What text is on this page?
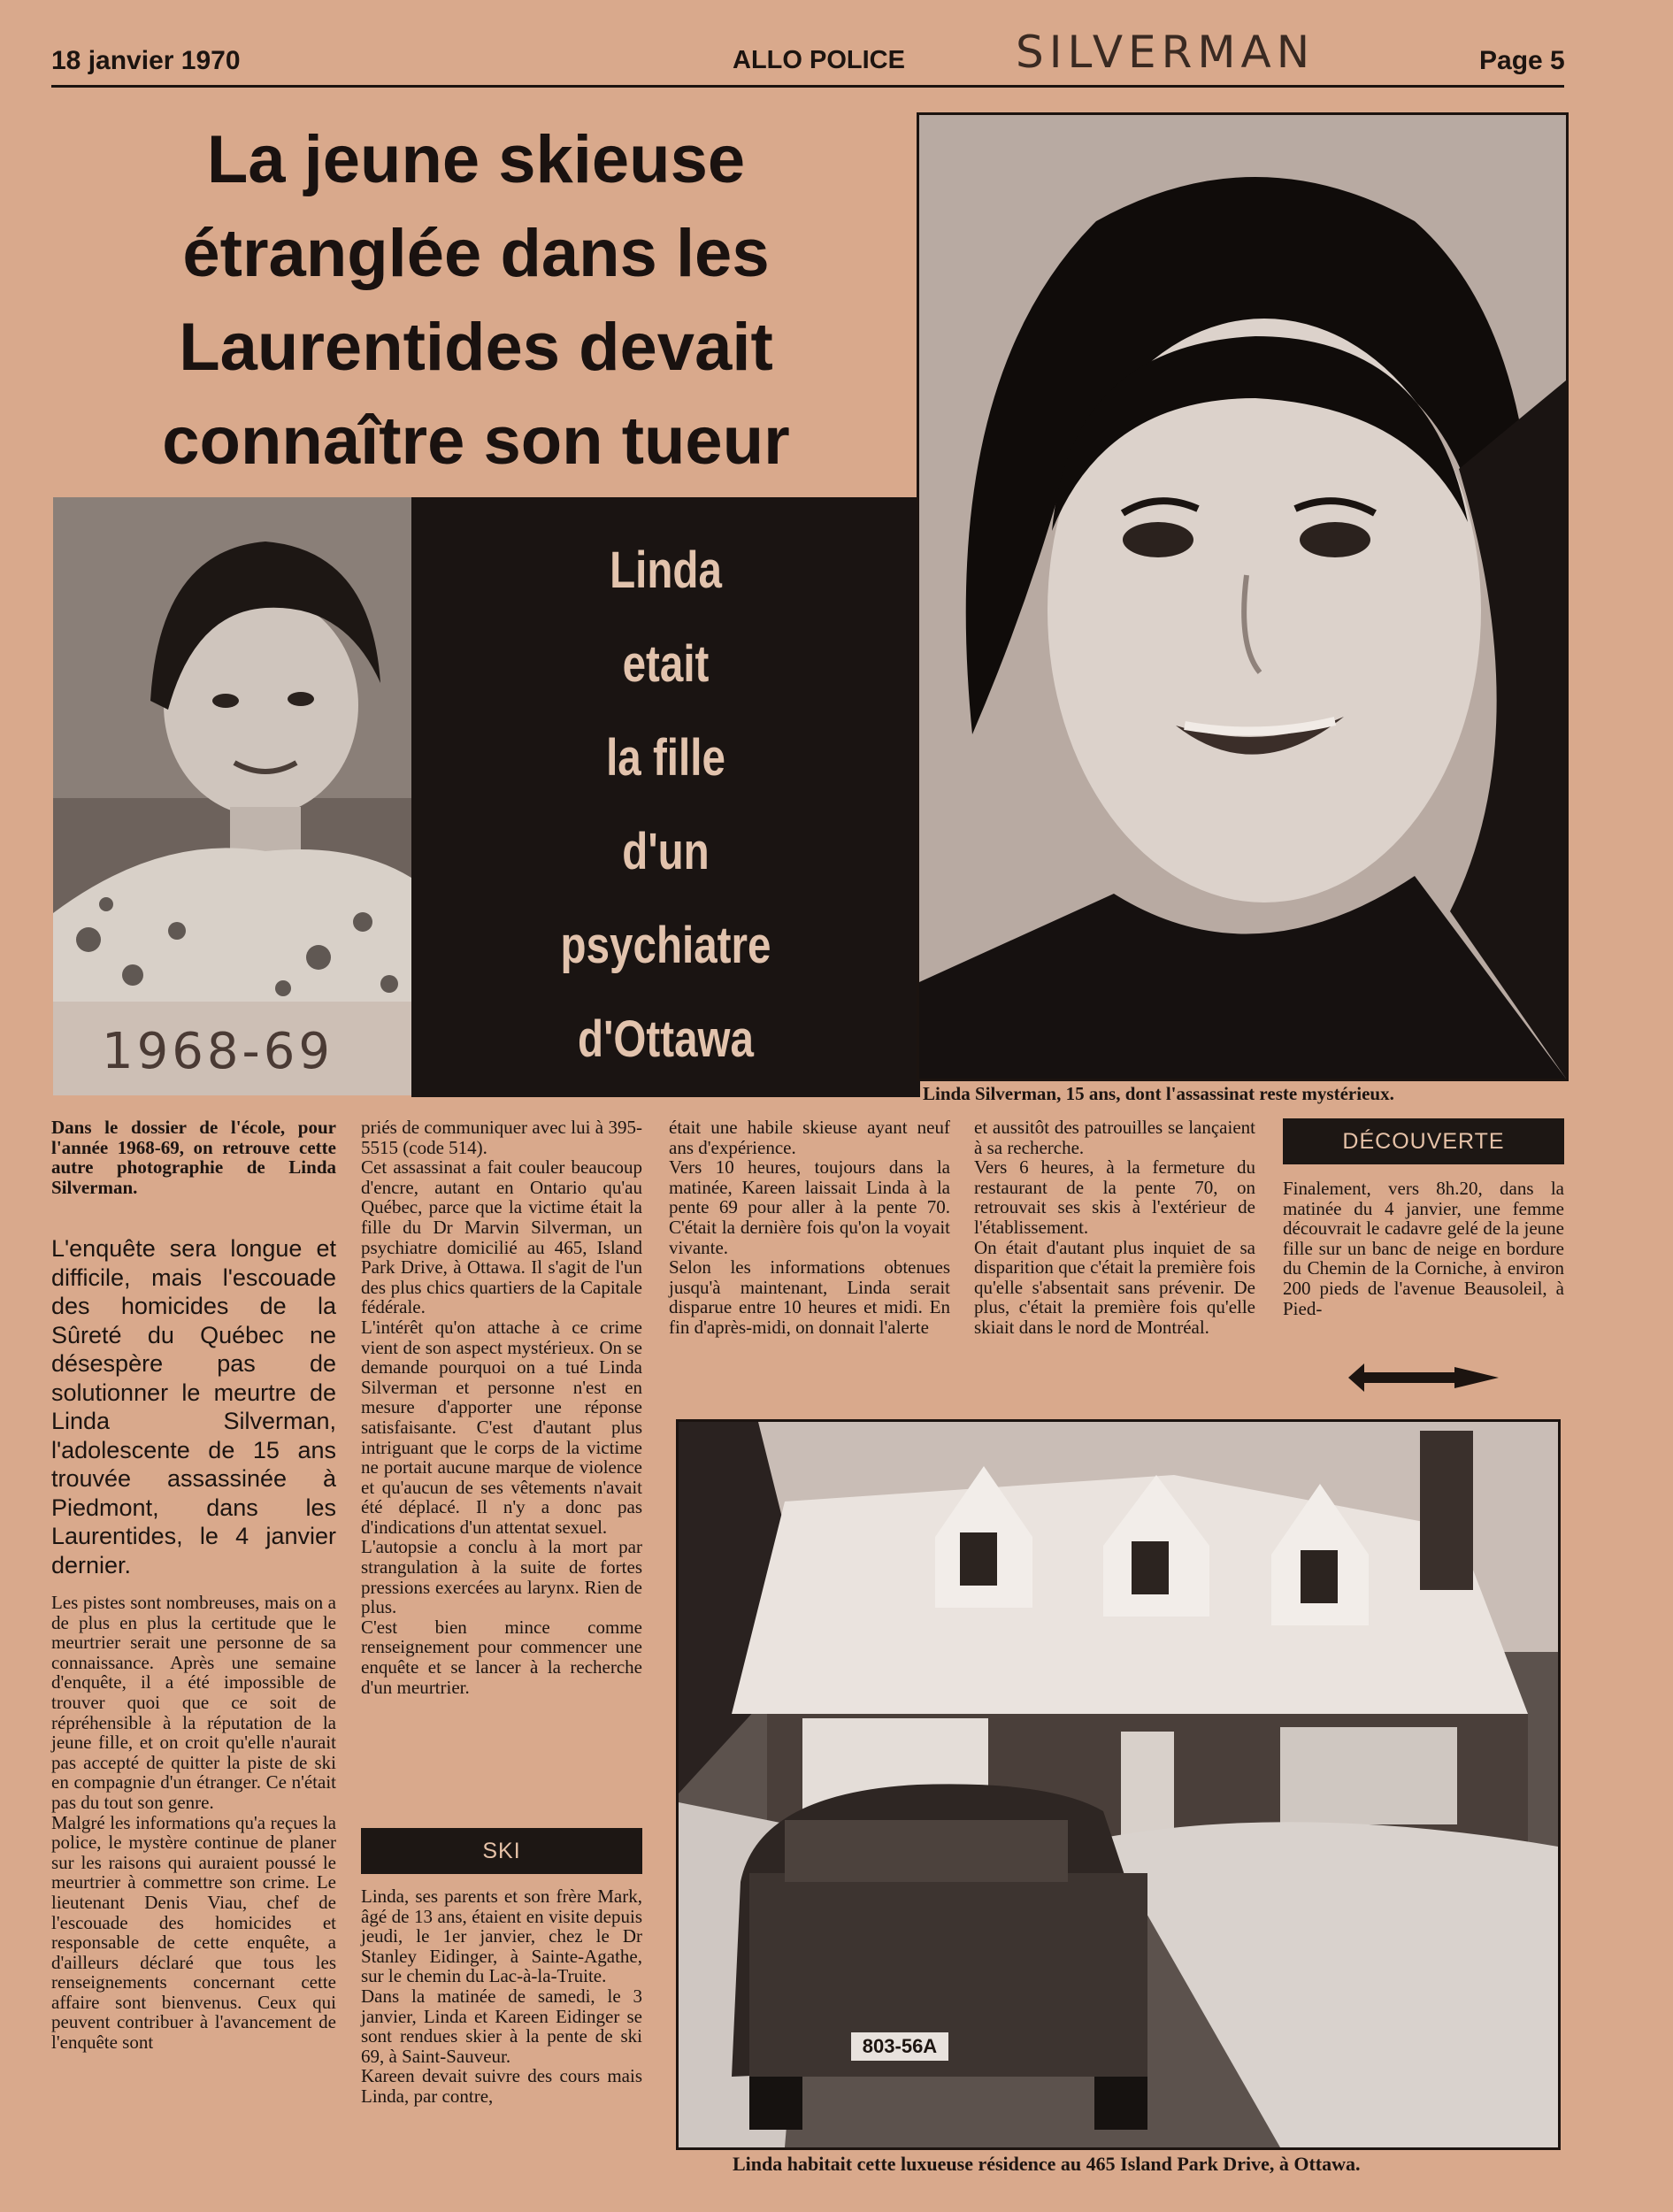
18 janvier 1970	ALLO POLICE	SILVERMAN	Page 5
La jeune skieuse étranglée dans les Laurentides devait connaître son tueur
1968-69
Linda
etait
la fille
d'un
psychiatre
d'Ottawa
Linda Silverman, 15 ans, dont l'assassinat reste mystérieux.
Dans le dossier de l'école, pour l'année 1968-69, on retrouve cette autre photographie de Linda Silverman.
L'enquête sera longue et difficile, mais l'escouade des homicides de la Sûreté du Québec ne désespère pas de solutionner le meurtre de Linda Silverman, l'adolescente de 15 ans trouvée assassinée à Piedmont, dans les Laurentides, le 4 janvier dernier.
Les pistes sont nombreuses, mais on a de plus en plus la certitude que le meurtrier serait une personne de sa connaissance. Après une semaine d'enquête, il a été impossible de trouver quoi que ce soit de répréhensible à la réputation de la jeune fille, et on croit qu'elle n'aurait pas accepté de quitter la piste de ski en compagnie d'un étranger. Ce n'était pas du tout son genre.
Malgré les informations qu'a reçues la police, le mystère continue de planer sur les raisons qui auraient poussé le meurtrier à commettre son crime. Le lieutenant Denis Viau, chef de l'escouade des homicides et responsable de cette enquête, a d'ailleurs déclaré que tous les renseignements concernant cette affaire sont bienvenus. Ceux qui peuvent contribuer à l'avancement de l'enquête sont
priés de communiquer avec lui à 395-5515 (code 514).
Cet assassinat a fait couler beaucoup d'encre, autant en Ontario qu'au Québec, parce que la victime était la fille du Dr Marvin Silverman, un psychiatre domicilié au 465, Island Park Drive, à Ottawa. Il s'agit de l'un des plus chics quartiers de la Capitale fédérale.
L'intérêt qu'on attache à ce crime vient de son aspect mystérieux. On se demande pourquoi on a tué Linda Silverman et personne n'est en mesure d'apporter une réponse satisfaisante. C'est d'autant plus intriguant que le corps de la victime ne portait aucune marque de violence et qu'aucun de ses vêtements n'avait été déplacé. Il n'y a donc pas d'indications d'un attentat sexuel.
L'autopsie a conclu à la mort par strangulation à la suite de fortes pressions exercées au larynx. Rien de plus.
C'est bien mince comme renseignement pour commencer une enquête et se lancer à la recherche d'un meurtrier.
SKI
Linda, ses parents et son frère Mark, âgé de 13 ans, étaient en visite depuis jeudi, le 1er janvier, chez le Dr Stanley Eidinger, à Sainte-Agathe, sur le chemin du Lac-à-la-Truite.
Dans la matinée de samedi, le 3 janvier, Linda et Kareen Eidinger se sont rendues skier à la pente de ski 69, à Saint-Sauveur.
Kareen devait suivre des cours mais Linda, par contre,
était une habile skieuse ayant neuf ans d'expérience.
Vers 10 heures, toujours dans la matinée, Kareen laissait Linda à la pente 69 pour aller à la pente 70. C'était la dernière fois qu'on la voyait vivante.
Selon les informations obtenues jusqu'à maintenant, Linda serait disparue entre 10 heures et midi. En fin d'après-midi, on donnait l'alerte
et aussitôt des patrouilles se lançaient à sa recherche.
Vers 6 heures, à la fermeture du restaurant de la pente 70, on retrouvait ses skis à l'extérieur de l'établissement.
On était d'autant plus inquiet de sa disparition que c'était la première fois qu'elle s'absentait sans prévenir. De plus, c'était la première fois qu'elle skiait dans le nord de Montréal.
DÉCOUVERTE
Finalement, vers 8h.20, dans la matinée du 4 janvier, une femme découvrait le cadavre gelé de la jeune fille sur un banc de neige en bordure du Chemin de la Corniche, à environ 200 pieds de l'avenue Beausoleil, à Pied-
803-56A
Linda habitait cette luxueuse résidence au 465 Island Park Drive, à Ottawa.
